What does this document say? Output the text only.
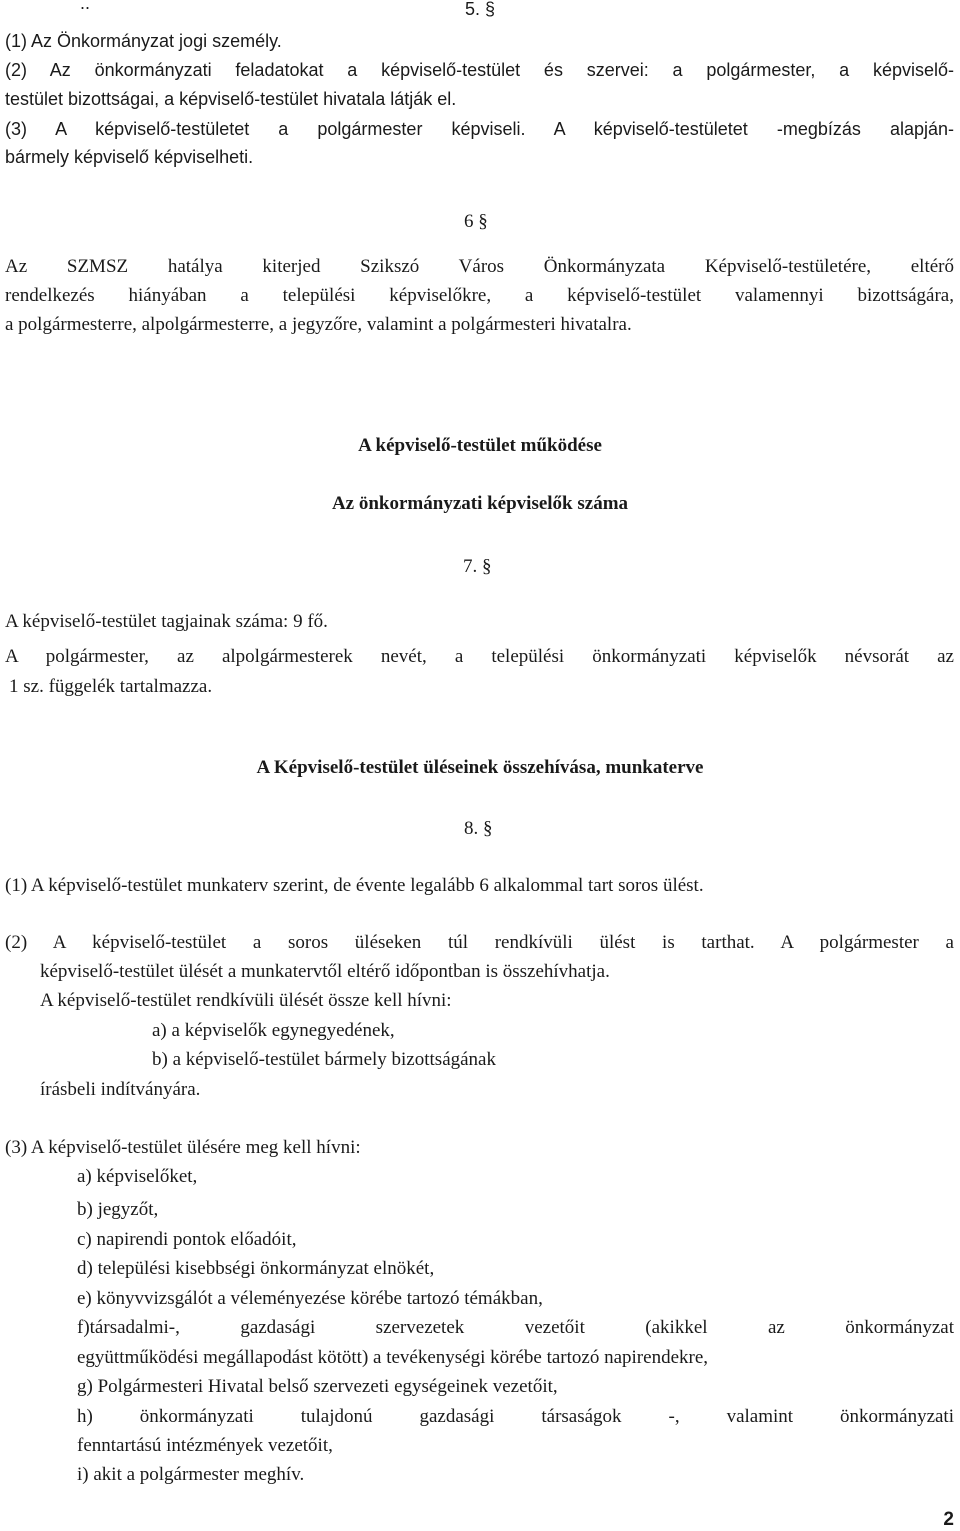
..	5. §
(1) Az Önkormányzat jogi személy.
(2) Az önkormányzati feladatokat a képviselő-testület és szervei: a polgármester, a képviselő-
testület bizottságai, a képviselő-testület hivatala látják el.
(3) A képviselő-testületet a polgármester képviseli. A képviselő-testületet -megbízás alapján-
bármely képviselő képviselheti.
6 §
Az SZMSZ hatálya kiterjed Szikszó Város Önkormányzata Képviselő-testületére, eltérő
rendelkezés hiányában a települési képviselőkre, a képviselő-testület valamennyi bizottságára,
a polgármesterre, alpolgármesterre, a jegyzőre, valamint a polgármesteri hivatalra.
A képviselő-testület működése
Az önkormányzati képviselők száma
7. §
A képviselő-testület tagjainak száma: 9 fő.
A polgármester, az alpolgármesterek nevét, a települési önkormányzati képviselők névsorát az
1 sz. függelék tartalmazza.
A Képviselő-testület üléseinek összehívása, munkaterve
8. §
(1) A képviselő-testület munkaterv szerint, de évente legalább 6 alkalommal tart soros ülést.
(2) A képviselő-testület a soros üléseken túl rendkívüli ülést is tarthat. A polgármester a
képviselő-testület ülését a munkatervtől eltérő időpontban is összehívhatja.
A képviselő-testület rendkívüli ülését össze kell hívni:
a) a képviselők egynegyedének,
b) a képviselő-testület bármely bizottságának
írásbeli indítványára.
(3) A képviselő-testület ülésére meg kell hívni:
a) képviselőket,
b) jegyzőt,
c) napirendi pontok előadóit,
d) települési kisebbségi önkormányzat elnökét,
e) könyvvizsgálót a véleményezése körébe tartozó témákban,
f)társadalmi-, gazdasági szervezetek vezetőit (akikkel az önkormányzat
együttműködési megállapodást kötött) a tevékenységi körébe tartozó napirendekre,
g) Polgármesteri Hivatal belső szervezeti egységeinek vezetőit,
h) önkormányzati tulajdonú gazdasági társaságok -, valamint önkormányzati
fenntartású intézmények vezetőit,
i) akit a polgármester meghív.
2
